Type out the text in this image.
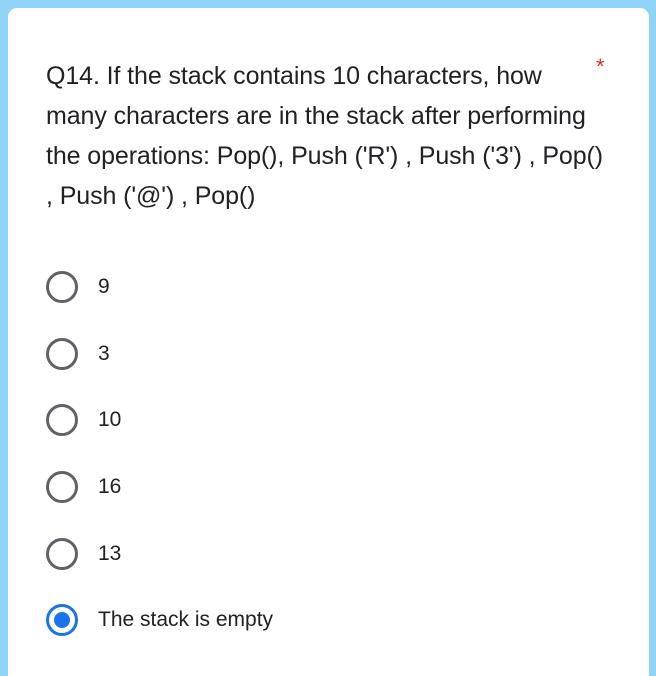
Q14. If the stack contains 10 characters, how many characters are in the stack after performing the operations: Pop(), Push ('R') , Push ('3') , Pop() , Push ('@') , Pop()
*
9
3
10
16
13
The stack is empty
